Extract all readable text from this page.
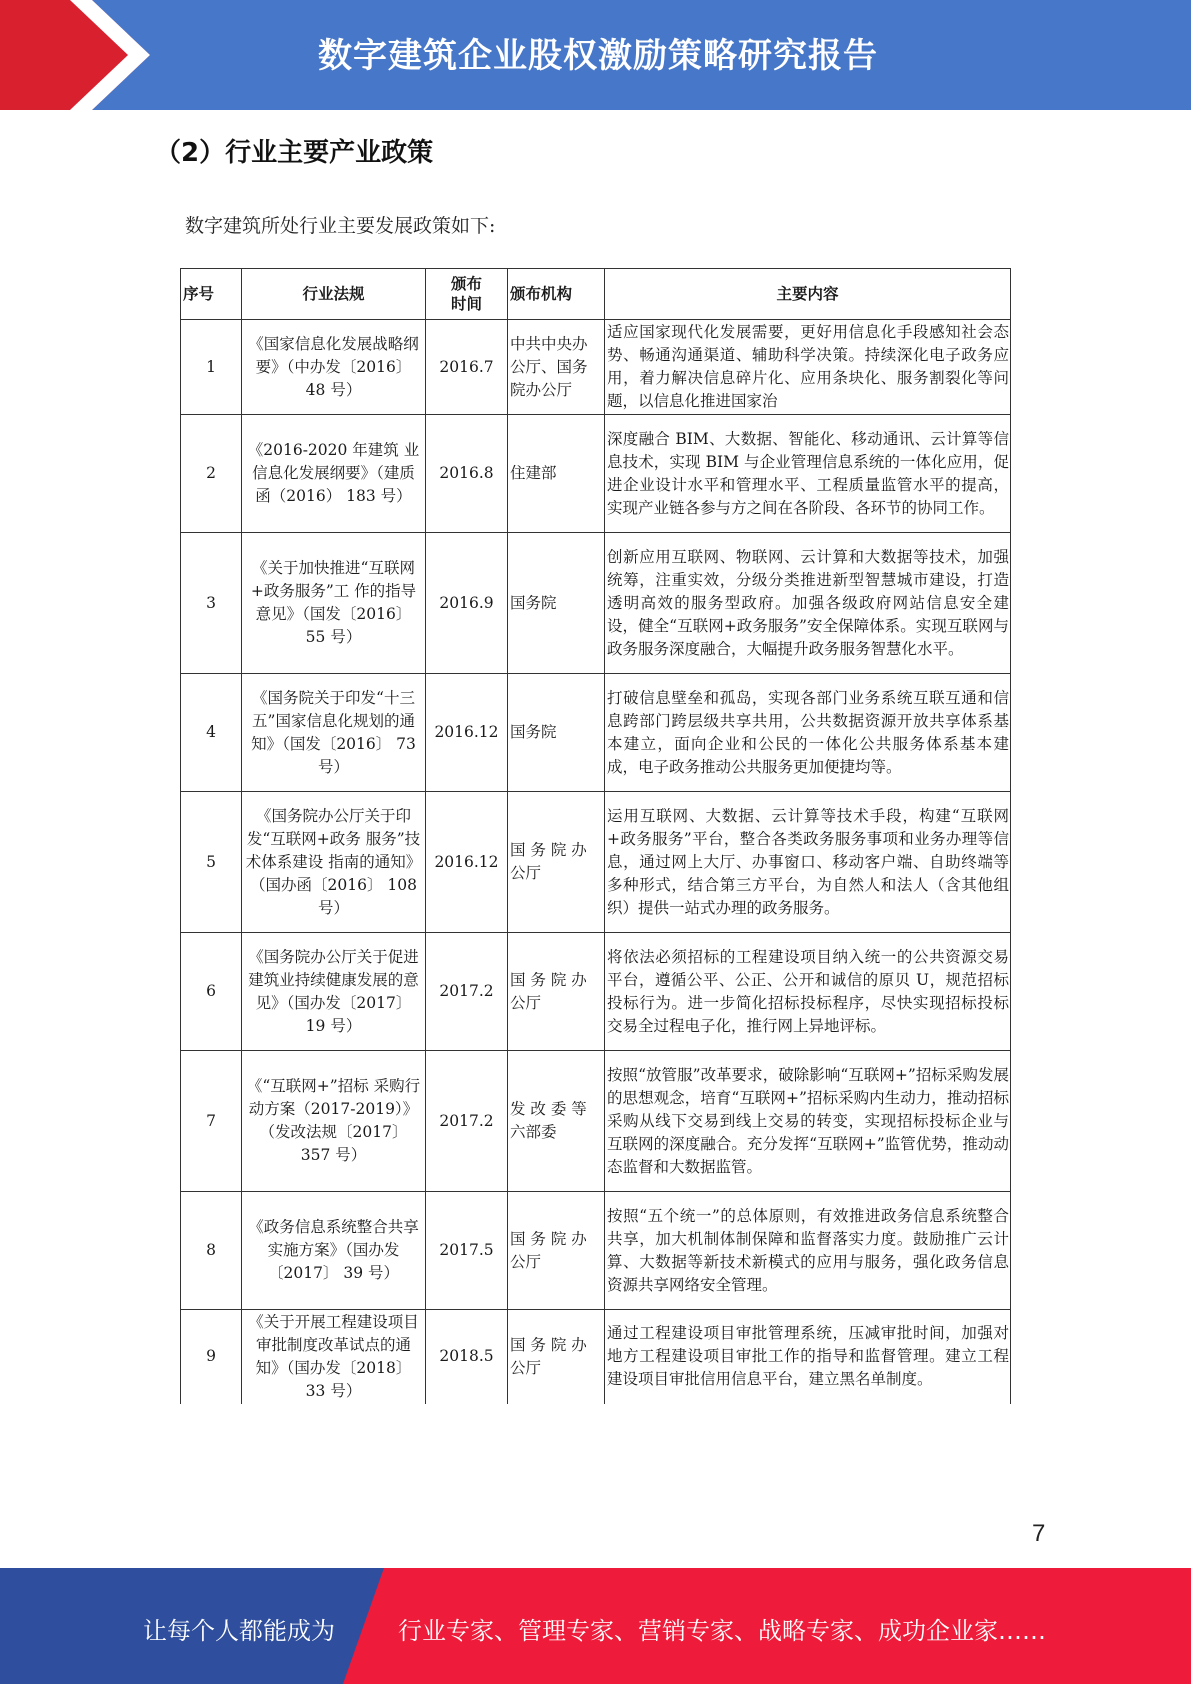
数字建筑企业股权激励策略研究报告
（2）行业主要产业政策
数字建筑所处行业主要发展政策如下:
序号	行业法规	颁布时间	颁布机构	主要内容
1	《国家信息化发展战略纲要》（中办发〔2016〕 48 号）	2016.7	中共中央办公厅、国务院办公厅	适应国家现代化发展需要，更好用信息化手段感知社会态势、畅通沟通渠道、辅助科学决策。持续深化电子政务应用，着力解决信息碎片化、应用条块化、服务割裂化等问题，以信息化推进国家治
2	《2016-2020 年建筑 业信息化发展纲要》（建质函（2016） 183 号）	2016.8	住建部	深度融合 BIM、大数据、智能化、移动通讯、云计算等信息技术，实现 BIM 与企业管理信息系统的一体化应用，促进企业设计水平和管理水平、工程质量监管水平的提高，实现产业链各参与方之间在各阶段、各环节的协同工作。
3	《关于加快推进“互联网+政务服务”工 作的指导意见》（国发〔2016〕 55 号）	2016.9	国务院	创新应用互联网、物联网、云计算和大数据等技术，加强统筹，注重实效，分级分类推进新型智慧城市建设，打造透明高效的服务型政府。加强各级政府网站信息安全建设，健全“互联网+政务服务”安全保障体系。实现互联网与政务服务深度融合，大幅提升政务服务智慧化水平。
4	《国务院关于印发“十三五”国家信息化规划的通知》（国发〔2016〕 73 号）	2016.12	国务院	打破信息壁垒和孤岛，实现各部门业务系统互联互通和信息跨部门跨层级共享共用，公共数据资源开放共享体系基本建立，面向企业和公民的一体化公共服务体系基本建成，电子政务推动公共服务更加便捷均等。
5	《国务院办公厅关于印发“互联网+政务 服务”技术体系建设 指南的通知》（国办函〔2016〕 108 号）	2016.12	国 务 院 办 公厅	运用互联网、大数据、云计算等技术手段，构建“互联网+政务服务”平台，整合各类政务服务事项和业务办理等信息，通过网上大厅、办事窗口、移动客户端、自助终端等多种形式，结合第三方平台，为自然人和法人（含其他组织）提供一站式办理的政务服务。
6	《国务院办公厅关于促进建筑业持续健康发展的意见》（国办发〔2017〕 19 号）	2017.2	国 务 院 办 公厅	将依法必须招标的工程建设项目纳入统一的公共资源交易平台，遵循公平、公正、公开和诚信的原贝 U，规范招标投标行为。进一步简化招标投标程序，尽快实现招标投标交易全过程电子化，推行网上异地评标。
7	《“互联网+”招标 采购行动方案（2017-2019）》（发改法规〔2017〕 357 号）	2017.2	发 改 委 等 六部委	按照“放管服”改革要求，破除影响“互联网+”招标采购发展的思想观念，培育“互联网+”招标采购内生动力，推动招标采购从线下交易到线上交易的转变，实现招标投标企业与互联网的深度融合。充分发挥“互联网+”监管优势，推动动态监督和大数据监管。
8	《政务信息系统整合共享实施方案》（国办发〔2017〕 39 号）	2017.5	国 务 院 办 公厅	按照“五个统一”的总体原则，有效推进政务信息系统整合共享，加大机制体制保障和监督落实力度。鼓励推广云计算、大数据等新技术新模式的应用与服务，强化政务信息资源共享网络安全管理。
9	《关于开展工程建设项目审批制度改革试点的通知》（国办发〔2018〕 33 号）	2018.5	国 务 院 办 公厅	通过工程建设项目审批管理系统，压减审批时间，加强对地方工程建设项目审批工作的指导和监督管理。建立工程建设项目审批信用信息平台，建立黑名单制度。
7
让每个人都能成为	行业专家、管理专家、营销专家、战略专家、成功企业家……
